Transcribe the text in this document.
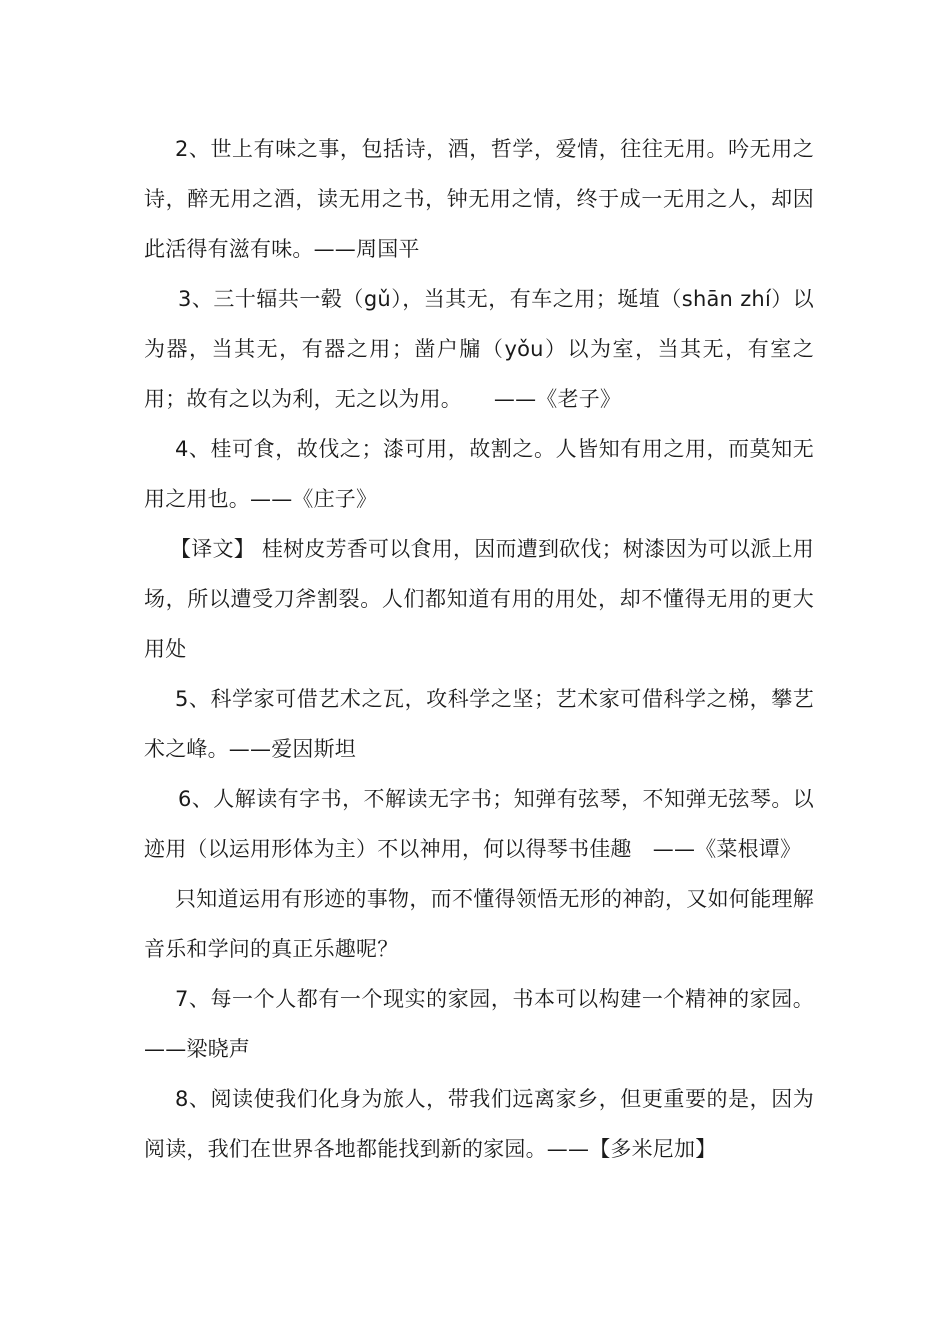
2、世上有味之事，包括诗，酒，哲学，爱情，往往无用。吟无用之诗，醉无用之酒，读无用之书，钟无用之情，终于成一无用之人，却因此活得有滋有味。——周国平

3、三十辐共一毂（gǔ），当其无，有车之用；埏埴（shān zhí）以为器，当其无，有器之用；凿户牖（yǒu）以为室，当其无，有室之用；故有之以为利，无之以为用。　　——《老子》

4、桂可食，故伐之；漆可用，故割之。人皆知有用之用，而莫知无用之用也。——《庄子》

【译文】 桂树皮芳香可以食用，因而遭到砍伐；树漆因为可以派上用场，所以遭受刀斧割裂。人们都知道有用的用处，却不懂得无用的更大用处

5、科学家可借艺术之瓦，攻科学之坚；艺术家可借科学之梯，攀艺术之峰。——爱因斯坦

6、人解读有字书，不解读无字书；知弹有弦琴，不知弹无弦琴。以迹用（以运用形体为主）不以神用，何以得琴书佳趣　——《菜根谭》

只知道运用有形迹的事物，而不懂得领悟无形的神韵，又如何能理解音乐和学问的真正乐趣呢？

7、每一个人都有一个现实的家园，书本可以构建一个精神的家园。 ——梁晓声

8、阅读使我们化身为旅人，带我们远离家乡，但更重要的是，因为阅读，我们在世界各地都能找到新的家园。——【多米尼加】
